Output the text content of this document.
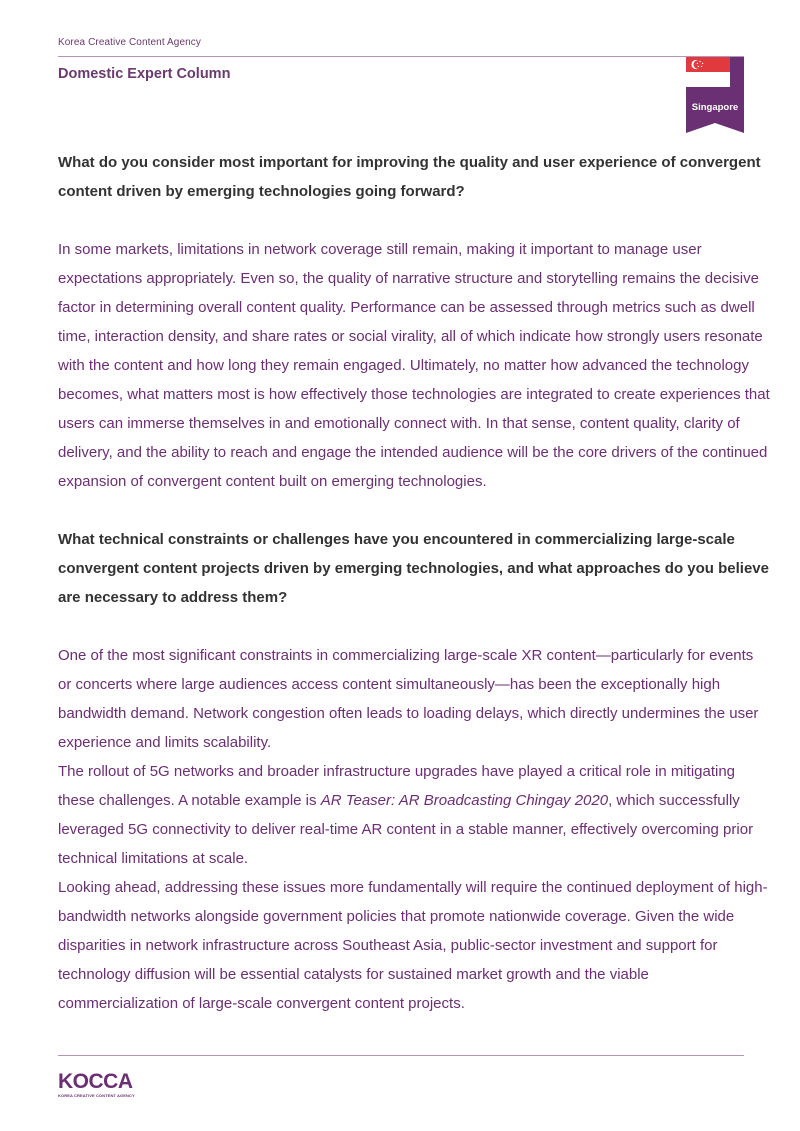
Korea Creative Content Agency
Domestic Expert Column
Singapore

What do you consider most important for improving the quality and user experience of convergent content driven by emerging technologies going forward?

In some markets, limitations in network coverage still remain, making it important to manage user expectations appropriately. Even so, the quality of narrative structure and storytelling remains the decisive factor in determining overall content quality. Performance can be assessed through metrics such as dwell time, interaction density, and share rates or social virality, all of which indicate how strongly users resonate with the content and how long they remain engaged. Ultimately, no matter how advanced the technology becomes, what matters most is how effectively those technologies are integrated to create experiences that users can immerse themselves in and emotionally connect with. In that sense, content quality, clarity of delivery, and the ability to reach and engage the intended audience will be the core drivers of the continued expansion of convergent content built on emerging technologies.

What technical constraints or challenges have you encountered in commercializing large-scale convergent content projects driven by emerging technologies, and what approaches do you believe are necessary to address them?

One of the most significant constraints in commercializing large-scale XR content—particularly for events or concerts where large audiences access content simultaneously—has been the exceptionally high bandwidth demand. Network congestion often leads to loading delays, which directly undermines the user experience and limits scalability.

The rollout of 5G networks and broader infrastructure upgrades have played a critical role in mitigating these challenges. A notable example is AR Teaser: AR Broadcasting Chingay 2020, which successfully leveraged 5G connectivity to deliver real-time AR content in a stable manner, effectively overcoming prior technical limitations at scale.

Looking ahead, addressing these issues more fundamentally will require the continued deployment of high-bandwidth networks alongside government policies that promote nationwide coverage. Given the wide disparities in network infrastructure across Southeast Asia, public-sector investment and support for technology diffusion will be essential catalysts for sustained market growth and the viable commercialization of large-scale convergent content projects.

KOCCA
KOREA CREATIVE CONTENT AGENCY
